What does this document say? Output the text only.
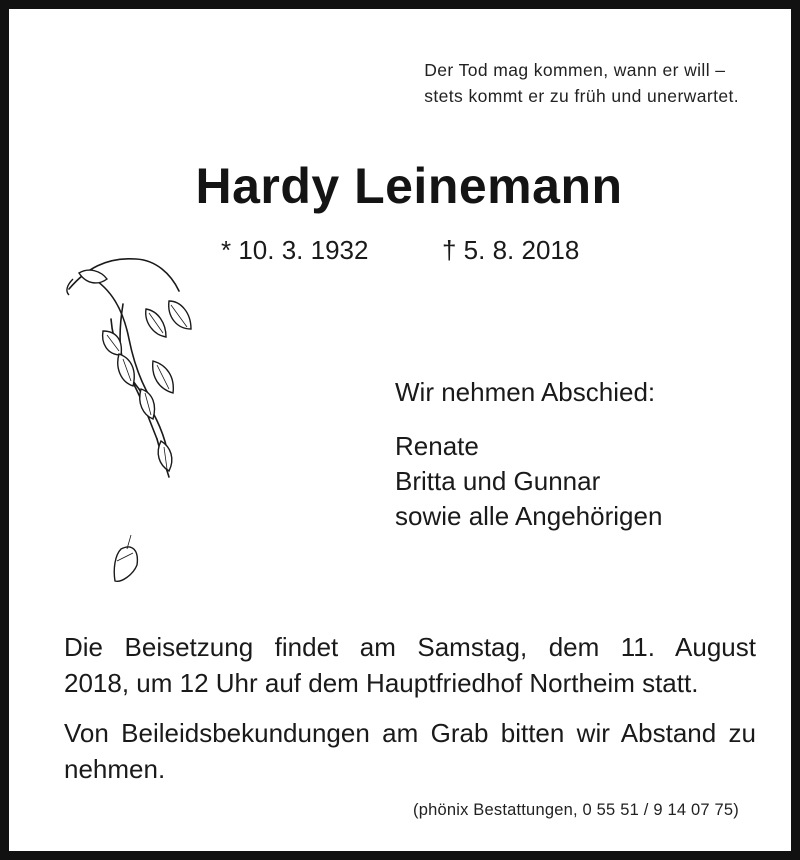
Der Tod mag kommen, wann er will –
stets kommt er zu früh und unerwartet.
Hardy Leinemann
* 10. 3. 1932	† 5. 8. 2018
Wir nehmen Abschied:
Renate
Britta und Gunnar
sowie alle Angehörigen
Die Beisetzung findet am Samstag, dem 11. August
2018, um 12 Uhr auf dem Hauptfriedhof Northeim statt.
Von Beileidsbekundungen am Grab bitten wir Abstand zu nehmen.
(phönix Bestattungen, 0 55 51 / 9 14 07 75)
